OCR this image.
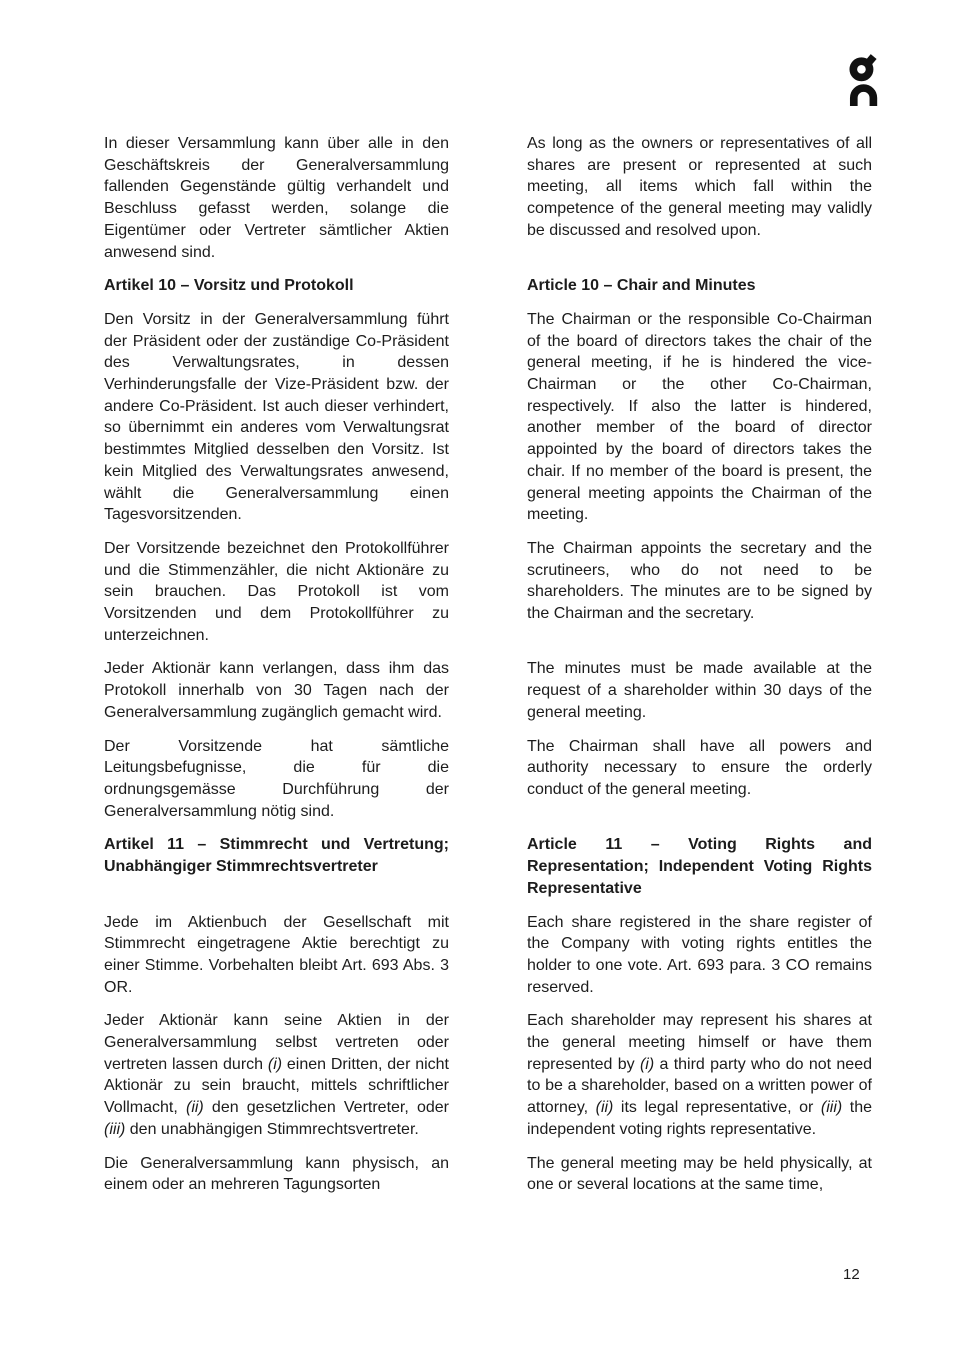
In dieser Versammlung kann über alle in den Geschäftskreis der Generalversammlung fallenden Gegenstände gültig verhandelt und Beschluss gefasst werden, solange die Eigentümer oder Vertreter sämtlicher Aktien anwesend sind.

As long as the owners or representatives of all shares are present or represented at such meeting, all items which fall within the competence of the general meeting may validly be discussed and resolved upon.

Artikel 10 – Vorsitz und Protokoll	Article 10 – Chair and Minutes

Den Vorsitz in der Generalversammlung führt der Präsident oder der zuständige Co-Präsident des Verwaltungsrates, in dessen Verhinderungsfalle der Vize-Präsident bzw. der andere Co-Präsident. Ist auch dieser verhindert, so übernimmt ein anderes vom Verwaltungsrat bestimmtes Mitglied desselben den Vorsitz. Ist kein Mitglied des Verwaltungsrates anwesend, wählt die Generalversammlung einen Tagesvorsitzenden.

The Chairman or the responsible Co-Chairman of the board of directors takes the chair of the general meeting, if he is hindered the vice-Chairman or the other Co-Chairman, respectively. If also the latter is hindered, another member of the board of director appointed by the board of directors takes the chair. If no member of the board is present, the general meeting appoints the Chairman of the meeting.

Der Vorsitzende bezeichnet den Protokollführer und die Stimmenzähler, die nicht Aktionäre zu sein brauchen. Das Protokoll ist vom Vorsitzenden und dem Protokollführer zu unterzeichnen.

The Chairman appoints the secretary and the scrutineers, who do not need to be shareholders. The minutes are to be signed by the Chairman and the secretary.

Jeder Aktionär kann verlangen, dass ihm das Protokoll innerhalb von 30 Tagen nach der Generalversammlung zugänglich gemacht wird.

The minutes must be made available at the request of a shareholder within 30 days of the general meeting.

Der Vorsitzende hat sämtliche Leitungsbefugnisse, die für die ordnungsgemässe Durchführung der Generalversammlung nötig sind.

The Chairman shall have all powers and authority necessary to ensure the orderly conduct of the general meeting.

Artikel 11 – Stimmrecht und Vertretung; Unabhängiger Stimmrechtsvertreter
Article 11 – Voting Rights and Representation; Independent Voting Rights Representative

Jede im Aktienbuch der Gesellschaft mit Stimmrecht eingetragene Aktie berechtigt zu einer Stimme. Vorbehalten bleibt Art. 693 Abs. 3 OR.

Each share registered in the share register of the Company with voting rights entitles the holder to one vote. Art. 693 para. 3 CO remains reserved.

Jeder Aktionär kann seine Aktien in der Generalversammlung selbst vertreten oder vertreten lassen durch (i) einen Dritten, der nicht Aktionär zu sein braucht, mittels schriftlicher Vollmacht, (ii) den gesetzlichen Vertreter, oder (iii) den unabhängigen Stimmrechtsvertreter.

Each shareholder may represent his shares at the general meeting himself or have them represented by (i) a third party who do not need to be a shareholder, based on a written power of attorney, (ii) its legal representative, or (iii) the independent voting rights representative.

Die Generalversammlung kann physisch, an einem oder an mehreren Tagungsorten

The general meeting may be held physically, at one or several locations at the same time,

12
